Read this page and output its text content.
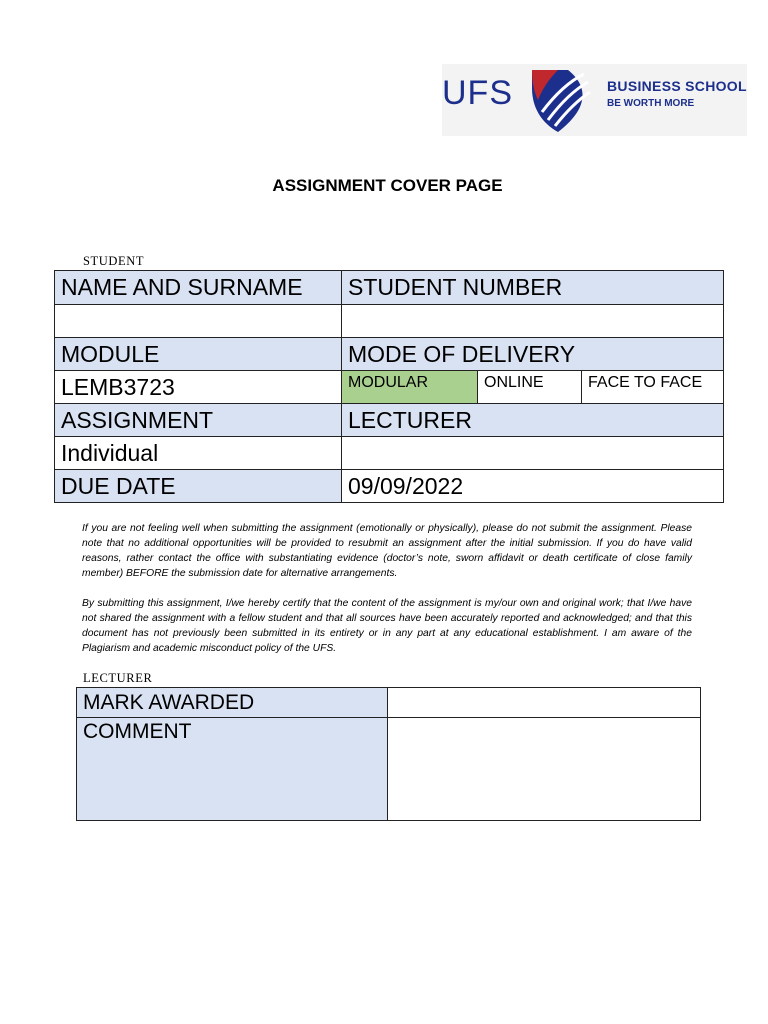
UFS	BUSINESS SCHOOL
BE WORTH MORE
ASSIGNMENT COVER PAGE
STUDENT
NAME AND SURNAME	STUDENT NUMBER		

MODULE	MODE OF DELIVERY		
LEMB3723	MODULAR	ONLINE	FACE TO FACE
ASSIGNMENT	LECTURER		
Individual			
DUE DATE	09/09/2022		
If you are not feeling well when submitting the assignment (emotionally or physically), please do not submit the assignment. Please note that no additional opportunities will be provided to resubmit an assignment after the initial submission. If you do have valid reasons, rather contact the office with substantiating evidence (doctor’s note, sworn affidavit or death certificate of close family member) BEFORE the submission date for alternative arrangements.
By submitting this assignment, I/we hereby certify that the content of the assignment is my/our own and original work; that I/we have not shared the assignment with a fellow student and that all sources have been accurately reported and acknowledged; and that this document has not previously been submitted in its entirety or in any part at any educational establishment. I am aware of the Plagiarism and academic misconduct policy of the UFS.
LECTURER
MARK AWARDED	
COMMENT	
